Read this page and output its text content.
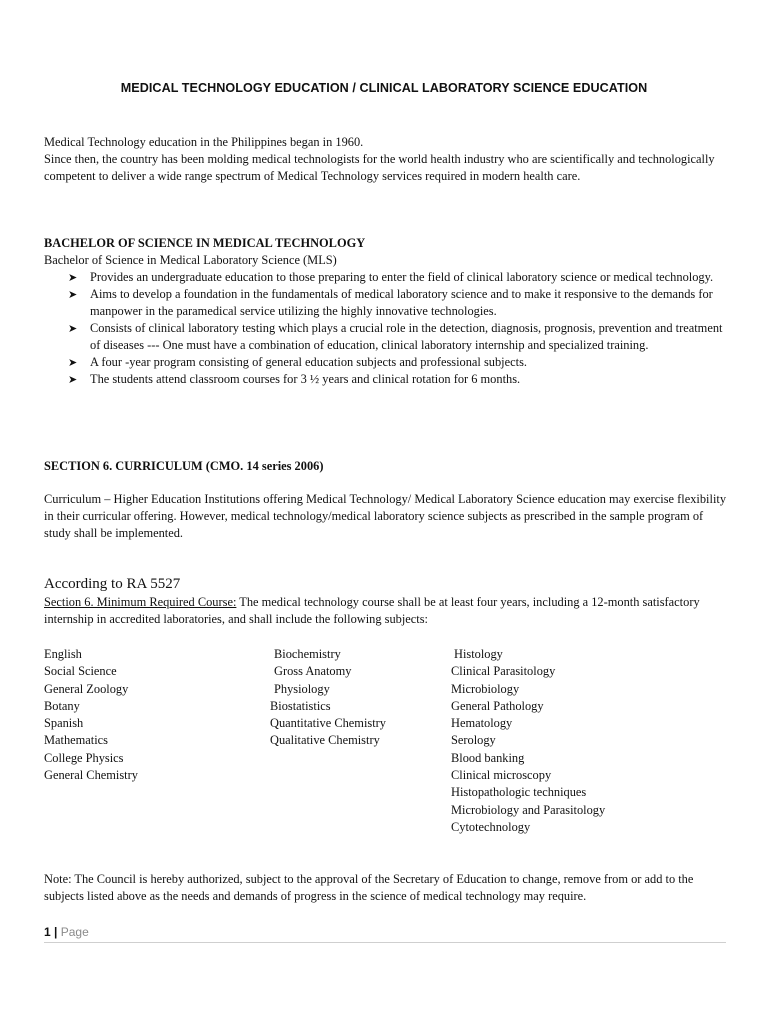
MEDICAL TECHNOLOGY EDUCATION / CLINICAL LABORATORY SCIENCE EDUCATION

Medical Technology education in the Philippines began in 1960.

Since then, the country has been molding medical technologists for the world health industry who are scientifically and technologically competent to deliver a wide range spectrum of Medical Technology services required in modern health care.

BACHELOR OF SCIENCE IN MEDICAL TECHNOLOGY
Bachelor of Science in Medical Laboratory Science (MLS)
➤ Provides an undergraduate education to those preparing to enter the field of clinical laboratory science or medical technology.
➤ Aims to develop a foundation in the fundamentals of medical laboratory science and to make it responsive to the demands for manpower in the paramedical service utilizing the highly innovative technologies.
➤ Consists of clinical laboratory testing which plays a crucial role in the detection, diagnosis, prognosis, prevention and treatment of diseases --- One must have a combination of education, clinical laboratory internship and specialized training.
➤ A four -year program consisting of general education subjects and professional subjects.
➤ The students attend classroom courses for 3 ½ years and clinical rotation for 6 months.
SECTION 6. CURRICULUM (CMO. 14 series 2006)

Curriculum – Higher Education Institutions offering Medical Technology/ Medical Laboratory Science education may exercise flexibility in their curricular offering. However, medical technology/medical laboratory science subjects as prescribed in the sample program of study shall be implemented.

According to RA 5527

Section 6. Minimum Required Course: The medical technology course shall be at least four years, including a 12-month satisfactory internship in accredited laboratories, and shall include the following subjects:

English
Social Science
General Zoology
Botany
Spanish
Mathematics
College Physics
General Chemistry
Biochemistry
Gross Anatomy
Physiology
Biostatistics
Quantitative Chemistry
Qualitative Chemistry
Histology
Clinical Parasitology
Microbiology
General Pathology
Hematology
Serology
Blood banking
Clinical microscopy
Histopathologic techniques
Microbiology and Parasitology
Cytotechnology

Note: The Council is hereby authorized, subject to the approval of the Secretary of Education to change, remove from or add to the subjects listed above as the needs and demands of progress in the science of medical technology may require.

1 | Page
